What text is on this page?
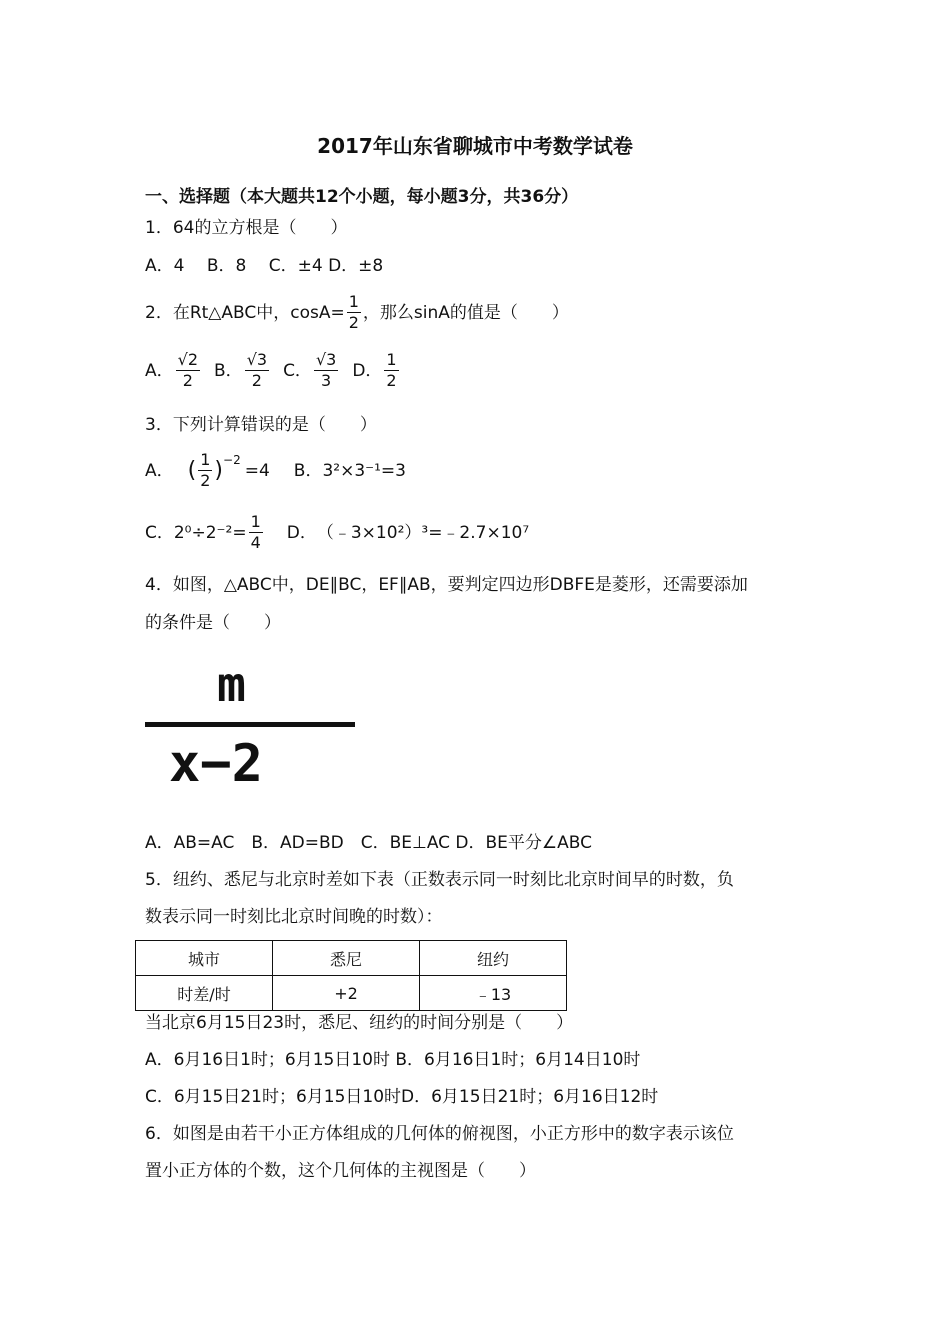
2017年山东省聊城市中考数学试卷
一、选择题（本大题共12个小题，每小题3分，共36分）
1．64的立方根是（　　）
A．4　 B．8　 C．±4 D．±8
2．在Rt△ABC中，$\cos A= \frac{1}{2}$ ，那么sinA的值是（　　）
A． $\frac{√2}{2}$ B． $\frac{√3}{2}$ C． $\frac{√3}{3}$ D． $\frac{1}{2}$
3．下列计算错误的是（　　）
A． ( $\frac{1}{2}$ ) −2
=4 B．3²×3⁻¹=3
C．$2^0\div 2^{-2}= \frac{1}{4}$ D．　（﹣3×10²）³=﹣2.7×10⁷
4．如图，△ABC中，DE∥BC，EF∥AB，要判定四边形DBFE是菱形，还需要添加
的条件是（　　）
m
x−2
A．AB=AC　B．AD=BD　C．BE⊥AC D．BE平分∠ABC
5．纽约、悉尼与北京时差如下表（正数表示同一时刻比北京时间早的时数，负
数表示同一时刻比北京时间晚的时数）：
城市	悉尼	纽约
时差/时	+2	﹣13
当北京6月15日23时，悉尼、纽约的时间分别是（　　）
A．6月16日1时；6月15日10时 B．6月16日1时；6月14日10时
C．6月15日21时；6月15日10时D．6月15日21时；6月16日12时
6．如图是由若干小正方体组成的几何体的俯视图，小正方形中的数字表示该位
置小正方体的个数，这个几何体的主视图是（　　）
